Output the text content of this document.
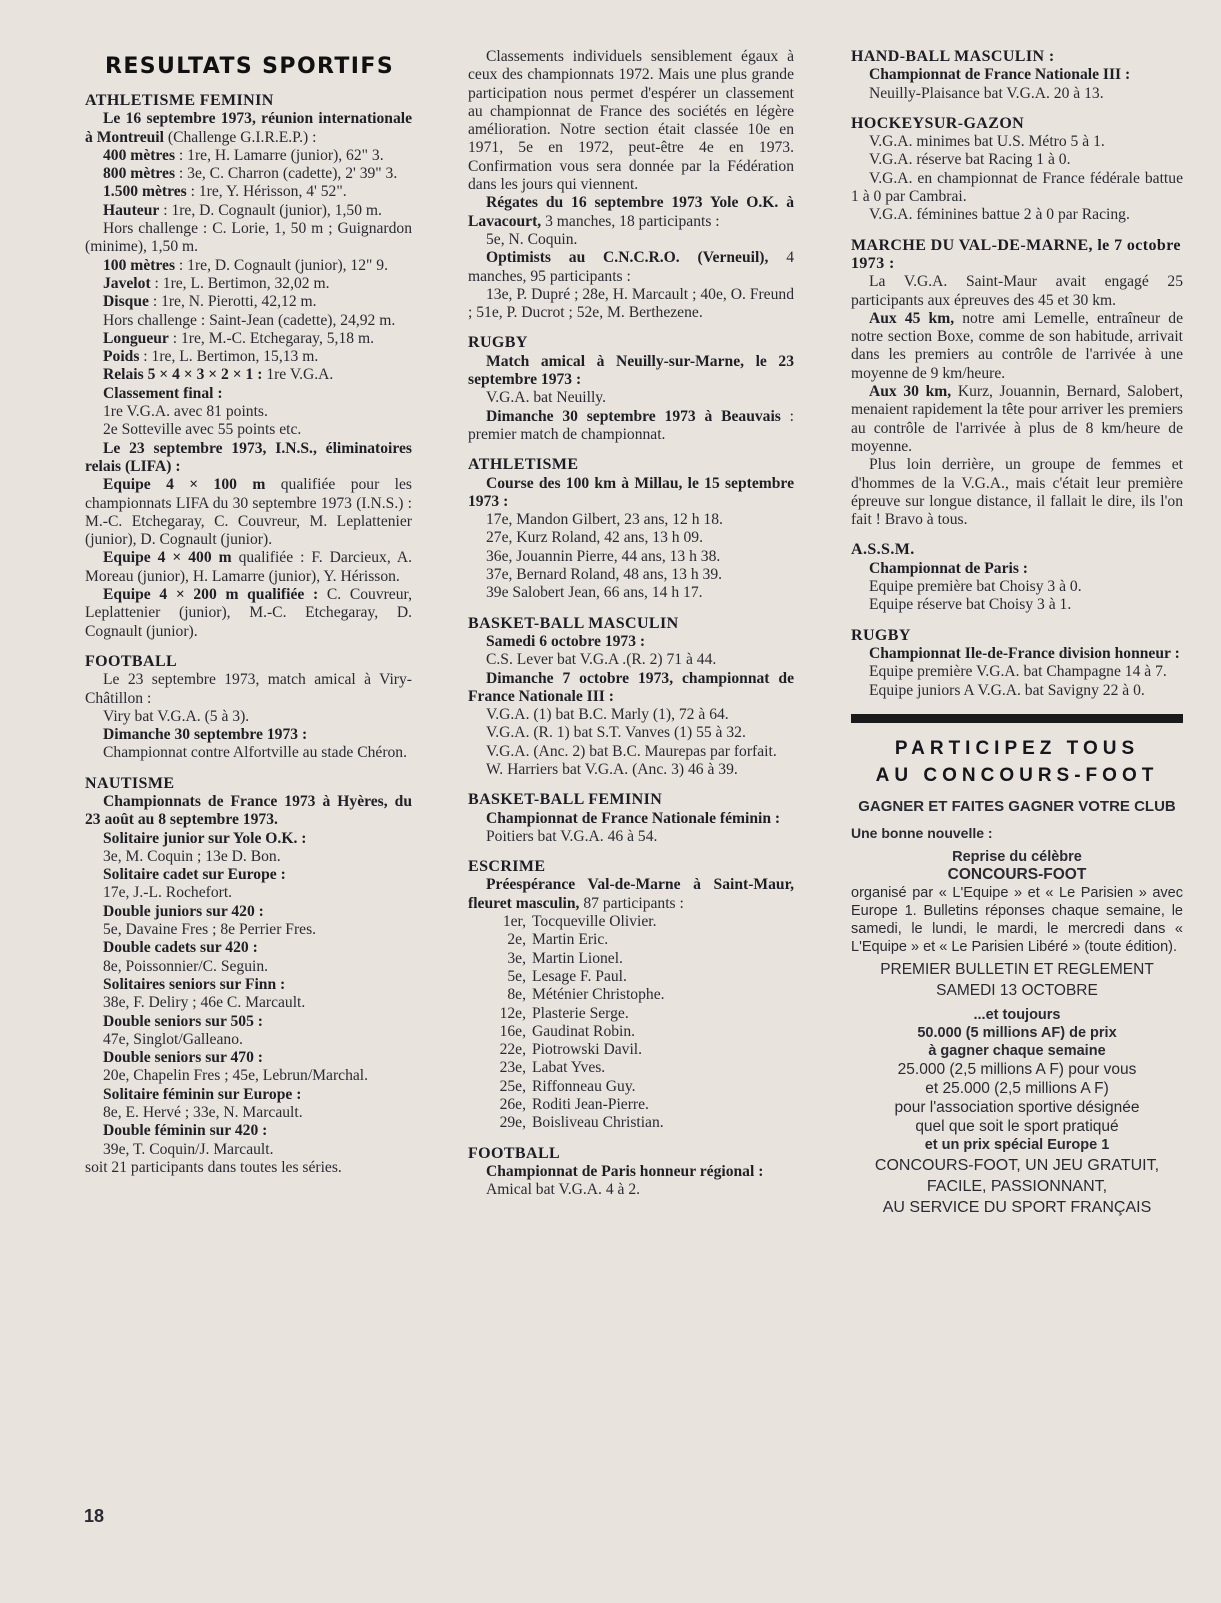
RESULTATS SPORTIFS
ATHLETISME FEMININ
Le 16 septembre 1973, réunion internationale à Montreuil (Challenge G.I.R.E.P.) :
400 mètres : 1re, H. Lamarre (junior), 62" 3.
800 mètres : 3e, C. Charron (cadette), 2' 39" 3.
1.500 mètres : 1re, Y. Hérisson, 4' 52".
Hauteur : 1re, D. Cognault (junior), 1,50 m.
Hors challenge : C. Lorie, 1, 50 m ; Guignardon (minime), 1,50 m.
100 mètres : 1re, D. Cognault (junior), 12" 9.
Javelot : 1re, L. Bertimon, 32,02 m.
Disque : 1re, N. Pierotti, 42,12 m.
Hors challenge : Saint-Jean (cadette), 24,92 m.
Longueur : 1re, M.-C. Etchegaray, 5,18 m.
Poids : 1re, L. Bertimon, 15,13 m.
Relais 5 × 4 × 3 × 2 × 1 : 1re V.G.A.
Classement final :
1re V.G.A. avec 81 points.
2e Sotteville avec 55 points etc.
Le 23 septembre 1973, I.N.S., éliminatoires relais (LIFA) :
Equipe 4 × 100 m qualifiée pour les championnats LIFA du 30 septembre 1973 (I.N.S.) : M.-C. Etchegaray, C. Couvreur, M. Leplattenier (junior), D. Cognault (junior).
Equipe 4 × 400 m qualifiée : F. Darcieux, A. Moreau (junior), H. Lamarre (junior), Y. Hérisson.
Equipe 4 × 200 m qualifiée : C. Couvreur, Leplattenier (junior), M.-C. Etchegaray, D. Cognault (junior).
FOOTBALL
Le 23 septembre 1973, match amical à Viry-Châtillon :
Viry bat V.G.A. (5 à 3).
Dimanche 30 septembre 1973 :
Championnat contre Alfortville au stade Chéron.
NAUTISME
Championnats de France 1973 à Hyères, du 23 août au 8 septembre 1973.
Solitaire junior sur Yole O.K. :
3e, M. Coquin ; 13e D. Bon.
Solitaire cadet sur Europe :
17e, J.-L. Rochefort.
Double juniors sur 420 :
5e, Davaine Fres ; 8e Perrier Fres.
Double cadets sur 420 :
8e, Poissonnier/C. Seguin.
Solitaires seniors sur Finn :
38e, F. Deliry ; 46e C. Marcault.
Double seniors sur 505 :
47e, Singlot/Galleano.
Double seniors sur 470 :
20e, Chapelin Fres ; 45e, Lebrun/Marchal.
Solitaire féminin sur Europe :
8e, E. Hervé ; 33e, N. Marcault.
Double féminin sur 420 :
39e, T. Coquin/J. Marcault.
soit 21 participants dans toutes les séries.
Classements individuels sensiblement égaux à ceux des championnats 1972. Mais une plus grande participation nous permet d'espérer un classement au championnat de France des sociétés en légère amélioration. Notre section était classée 10e en 1971, 5e en 1972, peut-être 4e en 1973. Confirmation vous sera donnée par la Fédération dans les jours qui viennent.
Régates du 16 septembre 1973 Yole O.K. à Lavacourt, 3 manches, 18 participants :
5e, N. Coquin.
Optimists au C.N.C.R.O. (Verneuil), 4 manches, 95 participants :
13e, P. Dupré ; 28e, H. Marcault ; 40e, O. Freund ; 51e, P. Ducrot ; 52e, M. Berthezene.
RUGBY
Match amical à Neuilly-sur-Marne, le 23 septembre 1973 :
V.G.A. bat Neuilly.
Dimanche 30 septembre 1973 à Beauvais : premier match de championnat.
ATHLETISME
Course des 100 km à Millau, le 15 septembre 1973 :
17e, Mandon Gilbert, 23 ans, 12 h 18.
27e, Kurz Roland, 42 ans, 13 h 09.
36e, Jouannin Pierre, 44 ans, 13 h 38.
37e, Bernard Roland, 48 ans, 13 h 39.
39e Salobert Jean, 66 ans, 14 h 17.
BASKET-BALL MASCULIN
Samedi 6 octobre 1973 :
C.S. Lever bat V.G.A .(R. 2) 71 à 44.
Dimanche 7 octobre 1973, championnat de France Nationale III :
V.G.A. (1) bat B.C. Marly (1), 72 à 64.
V.G.A. (R. 1) bat S.T. Vanves (1) 55 à 32.
V.G.A. (Anc. 2) bat B.C. Maurepas par forfait.
W. Harriers bat V.G.A. (Anc. 3) 46 à 39.
BASKET-BALL FEMININ
Championnat de France Nationale féminin :
Poitiers bat V.G.A. 46 à 54.
ESCRIME
Préespérance Val-de-Marne à Saint-Maur, fleuret masculin, 87 participants :
1er, Tocqueville Olivier.
2e, Martin Eric.
3e, Martin Lionel.
5e, Lesage F. Paul.
8e, Méténier Christophe.
12e, Plasterie Serge.
16e, Gaudinat Robin.
22e, Piotrowski Davil.
23e, Labat Yves.
25e, Riffonneau Guy.
26e, Roditi Jean-Pierre.
29e, Boisliveau Christian.
FOOTBALL
Championnat de Paris honneur régional :
Amical bat V.G.A. 4 à 2.
HAND-BALL MASCULIN :
Championnat de France Nationale III :
Neuilly-Plaisance bat V.G.A. 20 à 13.
HOCKEYSUR-GAZON
V.G.A. minimes bat U.S. Métro 5 à 1.
V.G.A. réserve bat Racing 1 à 0.
V.G.A. en championnat de France fédérale battue 1 à 0 par Cambrai.
V.G.A. féminines battue 2 à 0 par Racing.
MARCHE DU VAL-DE-MARNE, le 7 octobre 1973 :
La V.G.A. Saint-Maur avait engagé 25 participants aux épreuves des 45 et 30 km.
Aux 45 km, notre ami Lemelle, entraîneur de notre section Boxe, comme de son habitude, arrivait dans les premiers au contrôle de l'arrivée à une moyenne de 9 km/heure.
Aux 30 km, Kurz, Jouannin, Bernard, Salobert, menaient rapidement la tête pour arriver les premiers au contrôle de l'arrivée à plus de 8 km/heure de moyenne.
Plus loin derrière, un groupe de femmes et d'hommes de la V.G.A., mais c'était leur première épreuve sur longue distance, il fallait le dire, ils l'on fait ! Bravo à tous.
A.S.S.M.
Championnat de Paris :
Equipe première bat Choisy 3 à 0.
Equipe réserve bat Choisy 3 à 1.
RUGBY
Championnat Ile-de-France division honneur :
Equipe première V.G.A. bat Champagne 14 à 7.
Equipe juniors A V.G.A. bat Savigny 22 à 0.
PARTICIPEZ TOUS
AU CONCOURS-FOOT
GAGNER ET FAITES GAGNER VOTRE CLUB
Une bonne nouvelle :
Reprise du célèbre
CONCOURS-FOOT
organisé par « L'Equipe » et « Le Parisien » avec Europe 1. Bulletins réponses chaque semaine, le samedi, le lundi, le mardi, le mercredi dans « L'Equipe » et « Le Parisien Libéré » (toute édition).
PREMIER BULLETIN ET REGLEMENT
SAMEDI 13 OCTOBRE
...et toujours
50.000 (5 millions AF) de prix
à gagner chaque semaine
25.000 (2,5 millions A F) pour vous
et 25.000 (2,5 millions A F)
pour l'association sportive désignée
quel que soit le sport pratiqué
et un prix spécial Europe 1
CONCOURS-FOOT, UN JEU GRATUIT,
FACILE, PASSIONNANT,
AU SERVICE DU SPORT FRANÇAIS
18
